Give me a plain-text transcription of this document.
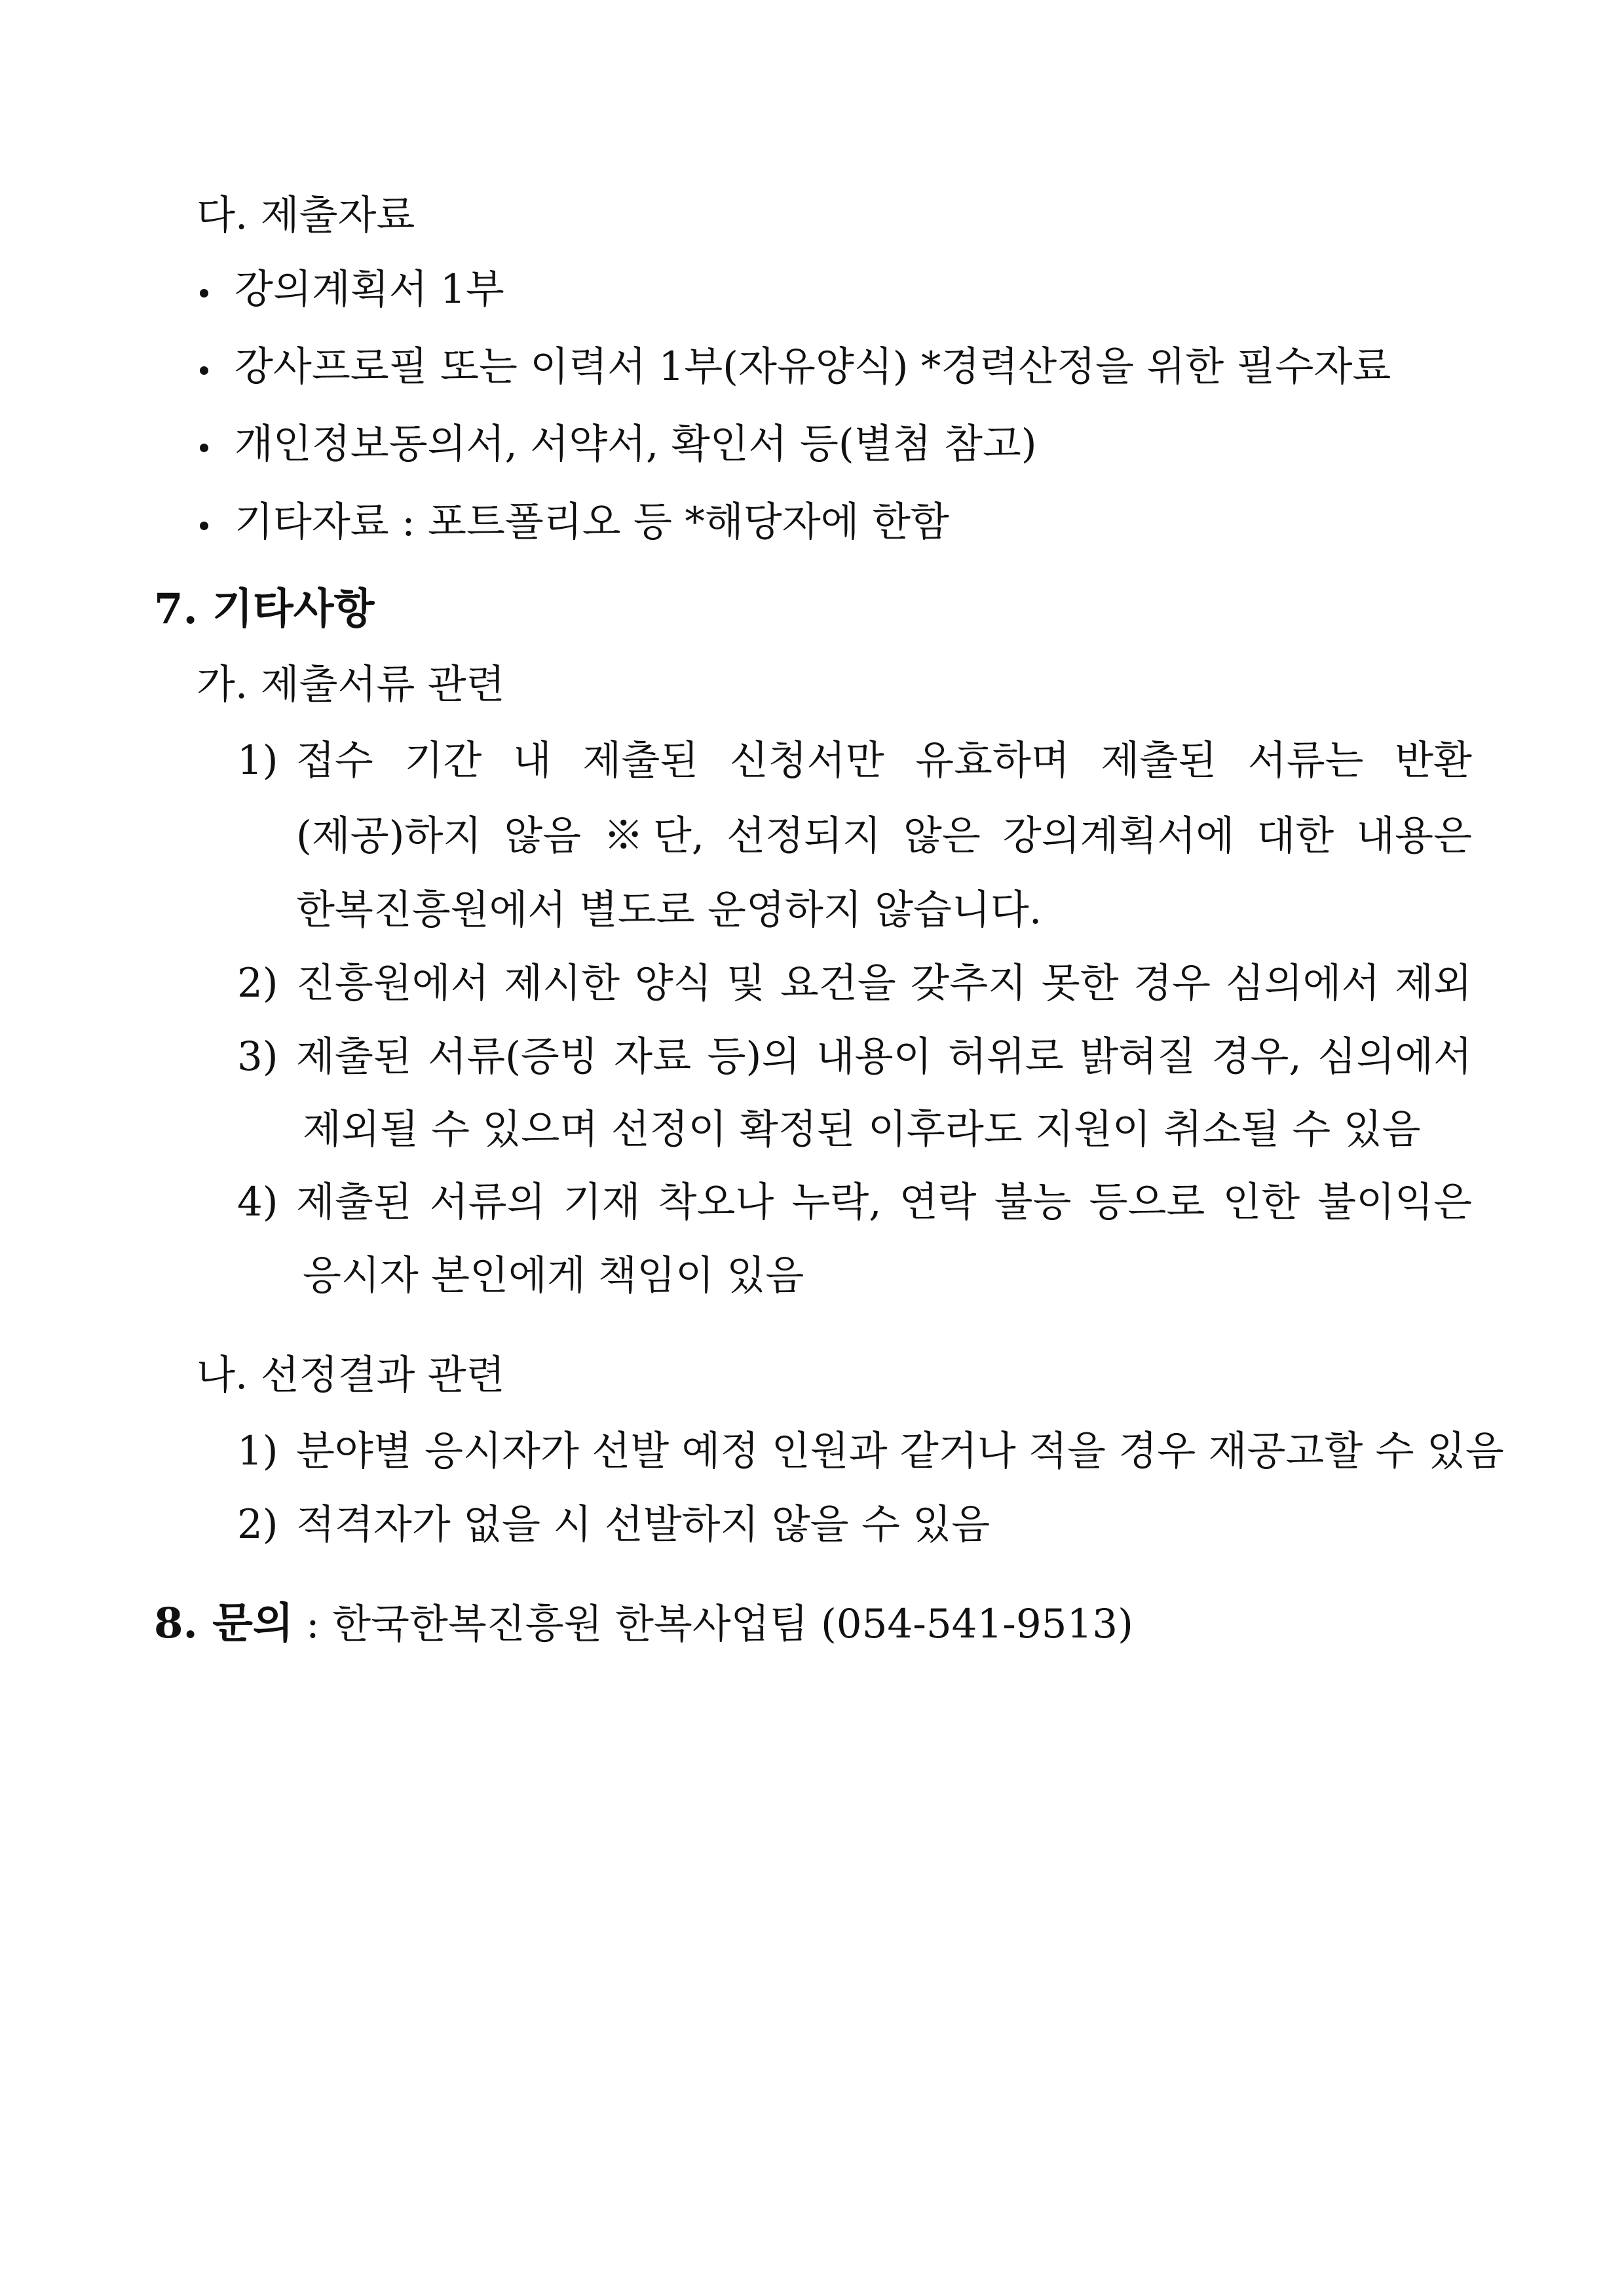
다. 제출자료
강의계획서 1부
강사프로필 또는 이력서 1부(자유양식) *경력산정을 위한 필수자료
개인정보동의서, 서약서, 확인서 등(별첨 참고)
기타자료 : 포트폴리오 등 *해당자에 한함
7. 기타사항
가. 제출서류 관련
1) 접수 기간 내 제출된 신청서만 유효하며 제출된 서류는 반환
(제공)하지 않음 ※단, 선정되지 않은 강의계획서에 대한 내용은
한복진흥원에서 별도로 운영하지 않습니다.
2) 진흥원에서 제시한 양식 및 요건을 갖추지 못한 경우 심의에서 제외
3) 제출된 서류(증빙 자료 등)의 내용이 허위로 밝혀질 경우, 심의에서
제외될 수 있으며 선정이 확정된 이후라도 지원이 취소될 수 있음
4) 제출된 서류의 기재 착오나 누락, 연락 불능 등으로 인한 불이익은
응시자 본인에게 책임이 있음
나. 선정결과 관련
1) 분야별 응시자가 선발 예정 인원과 같거나 적을 경우 재공고할 수 있음
2) 적격자가 없을 시 선발하지 않을 수 있음
8. 문의 : 한국한복진흥원 한복사업팀 (054-541-9513)
